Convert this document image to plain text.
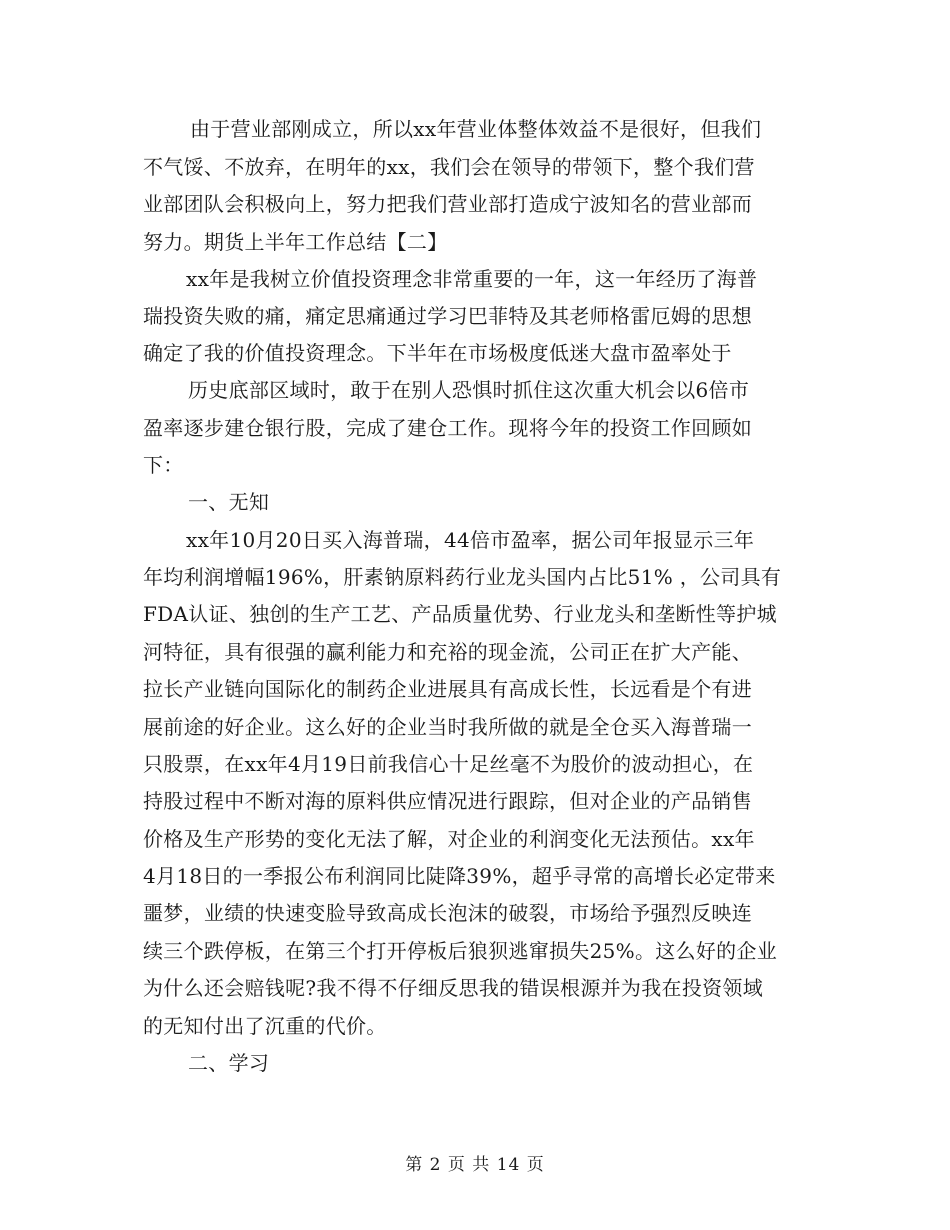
由于营业部刚成立，所以xx年营业体整体效益不是很好，但我们
不气馁、不放弃，在明年的xx，我们会在领导的带领下，整个我们营
业部团队会积极向上，努力把我们营业部打造成宁波知名的营业部而
努力。期货上半年工作总结【二】
xx年是我树立价值投资理念非常重要的一年，这一年经历了海普
瑞投资失败的痛，痛定思痛通过学习巴菲特及其老师格雷厄姆的思想
确定了我的价值投资理念。下半年在市场极度低迷大盘市盈率处于
历史底部区域时，敢于在别人恐惧时抓住这次重大机会以6倍市
盈率逐步建仓银行股，完成了建仓工作。现将今年的投资工作回顾如
下：
一、无知
xx年10月20日买入海普瑞，44倍市盈率，据公司年报显示三年
年均利润增幅196%，肝素钠原料药行业龙头国内占比51% ，公司具有
FDA认证、独创的生产工艺、产品质量优势、行业龙头和垄断性等护城
河特征，具有很强的赢利能力和充裕的现金流，公司正在扩大产能、
拉长产业链向国际化的制药企业进展具有高成长性，长远看是个有进
展前途的好企业。这么好的企业当时我所做的就是全仓买入海普瑞一
只股票，在xx年4月19日前我信心十足丝毫不为股价的波动担心，在
持股过程中不断对海的原料供应情况进行跟踪，但对企业的产品销售
价格及生产形势的变化无法了解，对企业的利润变化无法预估。xx年
4月18日的一季报公布利润同比陡降39%，超乎寻常的高增长必定带来
噩梦，业绩的快速变脸导致高成长泡沫的破裂，市场给予强烈反映连
续三个跌停板，在第三个打开停板后狼狈逃窜损失25%。这么好的企业
为什么还会赔钱呢?我不得不仔细反思我的错误根源并为我在投资领域
的无知付出了沉重的代价。
二、学习
第 2 页 共 14 页
